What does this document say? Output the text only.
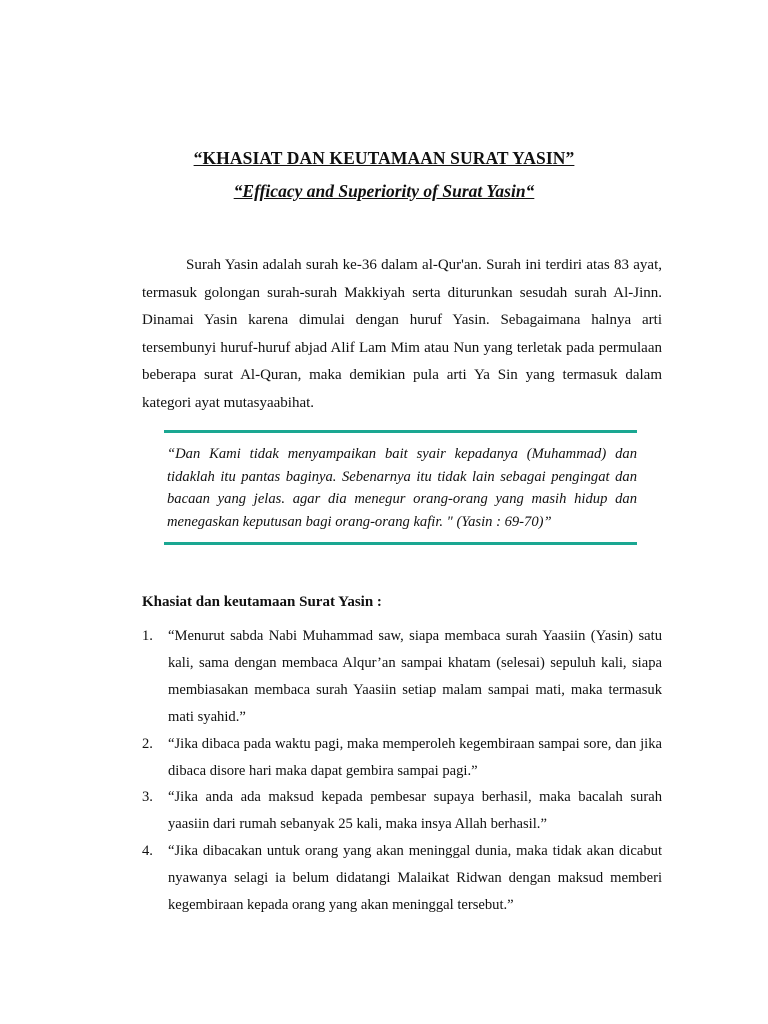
“KHASIAT DAN KEUTAMAAN SURAT YASIN”
“Efficacy and Superiority of Surat Yasin“

Surah Yasin adalah surah ke-36 dalam al-Qur'an. Surah ini terdiri atas 83 ayat, termasuk golongan surah-surah Makkiyah serta diturunkan sesudah surah Al-Jinn. Dinamai Yasin karena dimulai dengan huruf Yasin. Sebagaimana halnya arti tersembunyi huruf-huruf abjad Alif Lam Mim atau Nun yang terletak pada permulaan beberapa surat Al-Quran, maka demikian pula arti Ya Sin yang termasuk dalam kategori ayat mutasyaabihat.

“Dan Kami tidak menyampaikan bait syair kepadanya (Muhammad) dan tidaklah itu pantas baginya. Sebenarnya itu tidak lain sebagai pengingat dan bacaan yang jelas. agar dia menegur orang-orang yang masih hidup dan menegaskan keputusan bagi orang-orang kafir. " (Yasin : 69-70)”

Khasiat dan keutamaan Surat Yasin :

1. “Menurut sabda Nabi Muhammad saw, siapa membaca surah Yaasiin (Yasin) satu kali, sama dengan membaca Alqur’an sampai khatam (selesai) sepuluh kali, siapa membiasakan membaca surah Yaasiin setiap malam sampai mati, maka termasuk mati syahid.”
2. “Jika dibaca pada waktu pagi, maka memperoleh kegembiraan sampai sore, dan jika dibaca disore hari maka dapat gembira sampai pagi.”
3. “Jika anda ada maksud kepada pembesar supaya berhasil, maka bacalah surah yaasiin dari rumah sebanyak 25 kali, maka insya Allah berhasil.”
4. “Jika dibacakan untuk orang yang akan meninggal dunia, maka tidak akan dicabut nyawanya selagi ia belum didatangi Malaikat Ridwan dengan maksud memberi kegembiraan kepada orang yang akan meninggal tersebut.”
